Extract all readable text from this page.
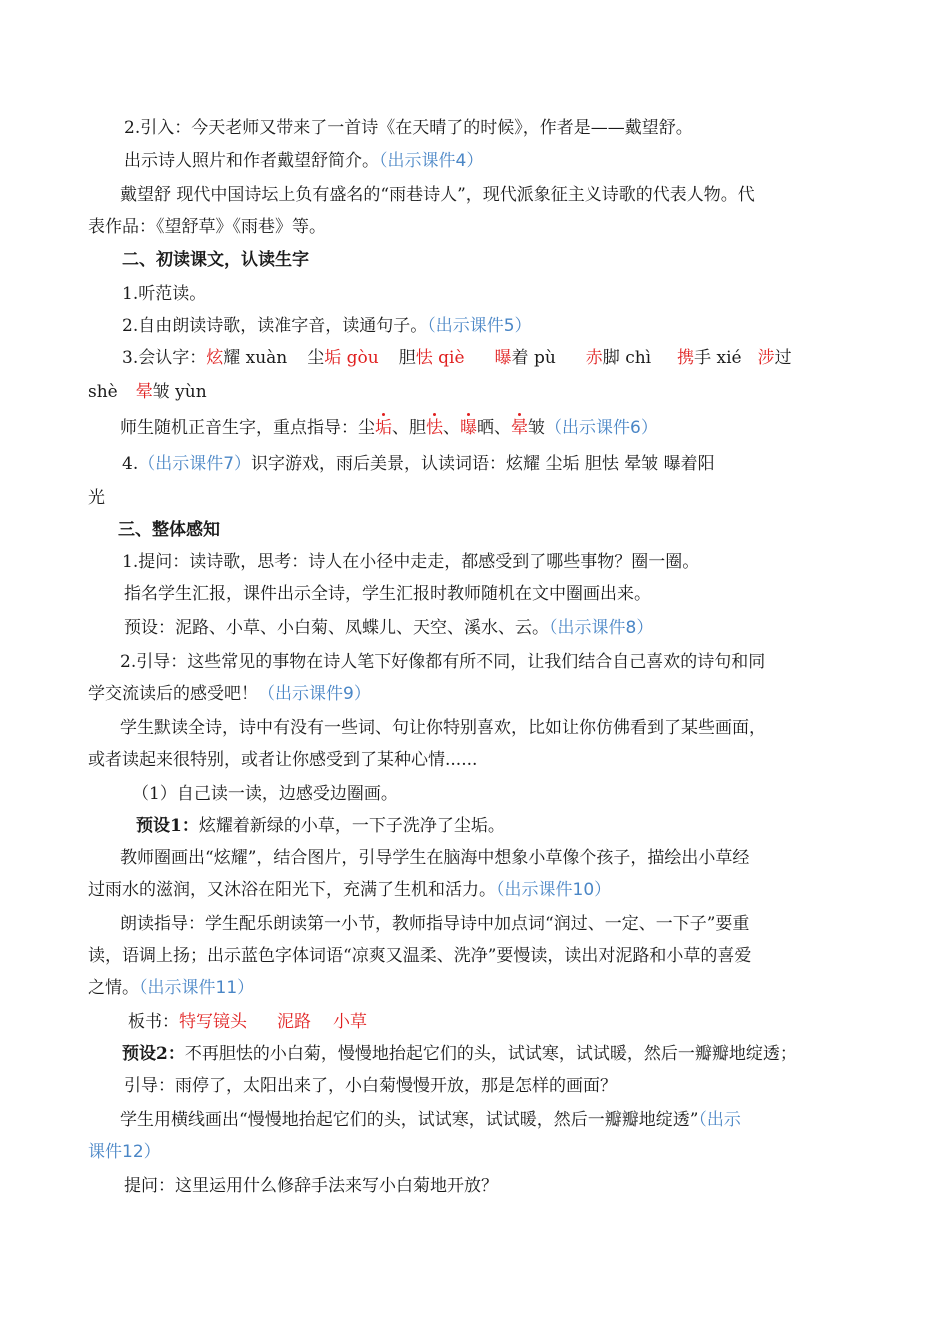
2.引入：今天老师又带来了一首诗《在天晴了的时候》，作者是——戴望舒。
出示诗人照片和作者戴望舒简介。（出示课件4）
戴望舒 现代中国诗坛上负有盛名的“雨巷诗人”，现代派象征主义诗歌的代表人物。代
表作品：《望舒草》《雨巷》等。
二、初读课文，认读生字
1.听范读。
2.自由朗读诗歌，读准字音，读通句子。（出示课件5）
3.会认字：炫耀 xuàn 尘垢 gòu 胆怯 qiè 曝着 pù 赤脚 chì 携手 xié 涉过
shè 晕皱 yùn
师生随机正音生字，重点指导：尘垢、胆怯、曝晒、晕皱（出示课件6）
4.（出示课件7）识字游戏，雨后美景，认读词语：炫耀 尘垢 胆怯 晕皱 曝着阳
光
三、整体感知
1.提问：读诗歌，思考：诗人在小径中走走，都感受到了哪些事物？圈一圈。
指名学生汇报，课件出示全诗，学生汇报时教师随机在文中圈画出来。
预设：泥路、小草、小白菊、凤蝶儿、天空、溪水、云。（出示课件8）
2.引导：这些常见的事物在诗人笔下好像都有所不同，让我们结合自己喜欢的诗句和同
学交流读后的感受吧！（出示课件9）
学生默读全诗，诗中有没有一些词、句让你特别喜欢，比如让你仿佛看到了某些画面，
或者读起来很特别，或者让你感受到了某种心情......
（1）自己读一读，边感受边圈画。
预设1：炫耀着新绿的小草，一下子洗净了尘垢。
教师圈画出“炫耀”，结合图片，引导学生在脑海中想象小草像个孩子，描绘出小草经
过雨水的滋润，又沐浴在阳光下，充满了生机和活力。（出示课件10）
朗读指导：学生配乐朗读第一小节，教师指导诗中加点词“润过、一定、一下子”要重
读，语调上扬；出示蓝色字体词语“凉爽又温柔、洗净”要慢读，读出对泥路和小草的喜爱
之情。（出示课件11）
板书：特写镜头 泥路 小草
预设2：不再胆怯的小白菊，慢慢地抬起它们的头，试试寒，试试暖，然后一瓣瓣地绽透；
引导：雨停了，太阳出来了，小白菊慢慢开放，那是怎样的画面？
学生用横线画出“慢慢地抬起它们的头，试试寒，试试暖，然后一瓣瓣地绽透”（出示
课件12）
提问：这里运用什么修辞手法来写小白菊地开放？
